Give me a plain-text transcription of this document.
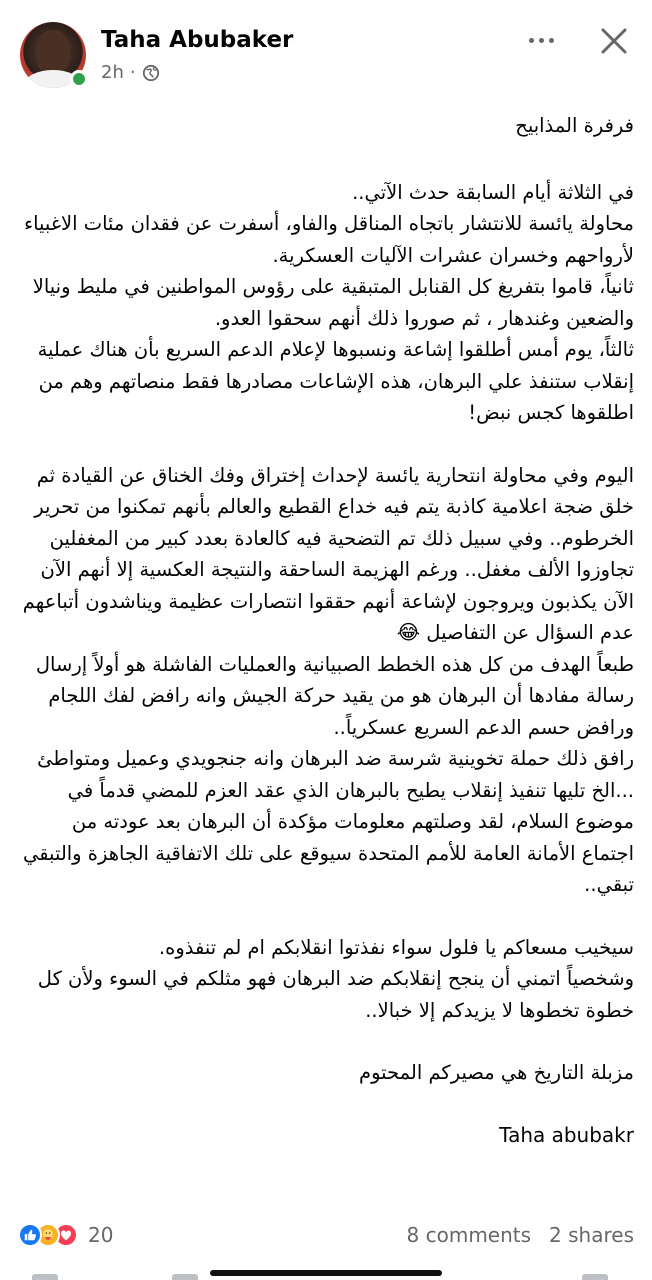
Taha Abubaker
2h ·

فرفرة المذابيح

في الثلاثة أيام السابقة حدث الآتي..

محاولة يائسة للانتشار باتجاه المناقل والفاو، أسفرت عن فقدان مئات الاغبياء لأرواحهم وخسران عشرات الآليات العسكرية.

ثانياً، قاموا بتفريغ كل القنابل المتبقية على رؤوس المواطنين في مليط ونيالا والضعين وغندهار ، ثم صوروا ذلك أنهم سحقوا العدو.

ثالثاً، يوم أمس أطلقوا إشاعة ونسبوها لإعلام الدعم السريع بأن هناك عملية إنقلاب ستنفذ علي البرهان، هذه الإشاعات مصادرها فقط منصاتهم وهم من اطلقوها كجس نبض!

اليوم وفي محاولة انتحارية يائسة لإحداث إختراق وفك الخناق عن القيادة ثم خلق ضجة اعلامية كاذبة يتم فيه خداع القطيع والعالم بأنهم تمكنوا من تحرير الخرطوم.. وفي سبيل ذلك تم التضحية فيه كالعادة بعدد كبير من المغفلين تجاوزوا الألف مغفل.. ورغم الهزيمة الساحقة والنتيجة العكسية إلا أنهم الآن الآن يكذبون ويروجون لإشاعة أنهم حققوا انتصارات عظيمة ويناشدون أتباعهم عدم السؤال عن التفاصيل 😂

طبعاً الهدف من كل هذه الخطط الصبيانية والعمليات الفاشلة هو أولاً إرسال رسالة مفادها أن البرهان هو من يقيد حركة الجيش وانه رافض لفك اللجام ورافض حسم الدعم السريع عسكرياً..

رافق ذلك حملة تخوينية شرسة ضد البرهان وانه جنجويدي وعميل ومتواطئ ...الخ تليها تنفيذ إنقلاب يطيح بالبرهان الذي عقد العزم للمضي قدماً في موضوع السلام، لقد وصلتهم معلومات مؤكدة أن البرهان بعد عودته من اجتماع الأمانة العامة للأمم المتحدة سيوقع على تلك الاتفاقية الجاهزة والتبقي تبقي..

سيخيب مسعاكم يا فلول سواء نفذتوا انقلابكم ام لم تنفذوه.

وشخصياً اتمني أن ينجح إنقلابكم ضد البرهان فهو مثلكم في السوء ولأن كل خطوة تخطوها لا يزيدكم إلا خبالا..

مزبلة التاريخ هي مصيركم المحتوم

Taha abubakr

20	8 comments 2 shares
